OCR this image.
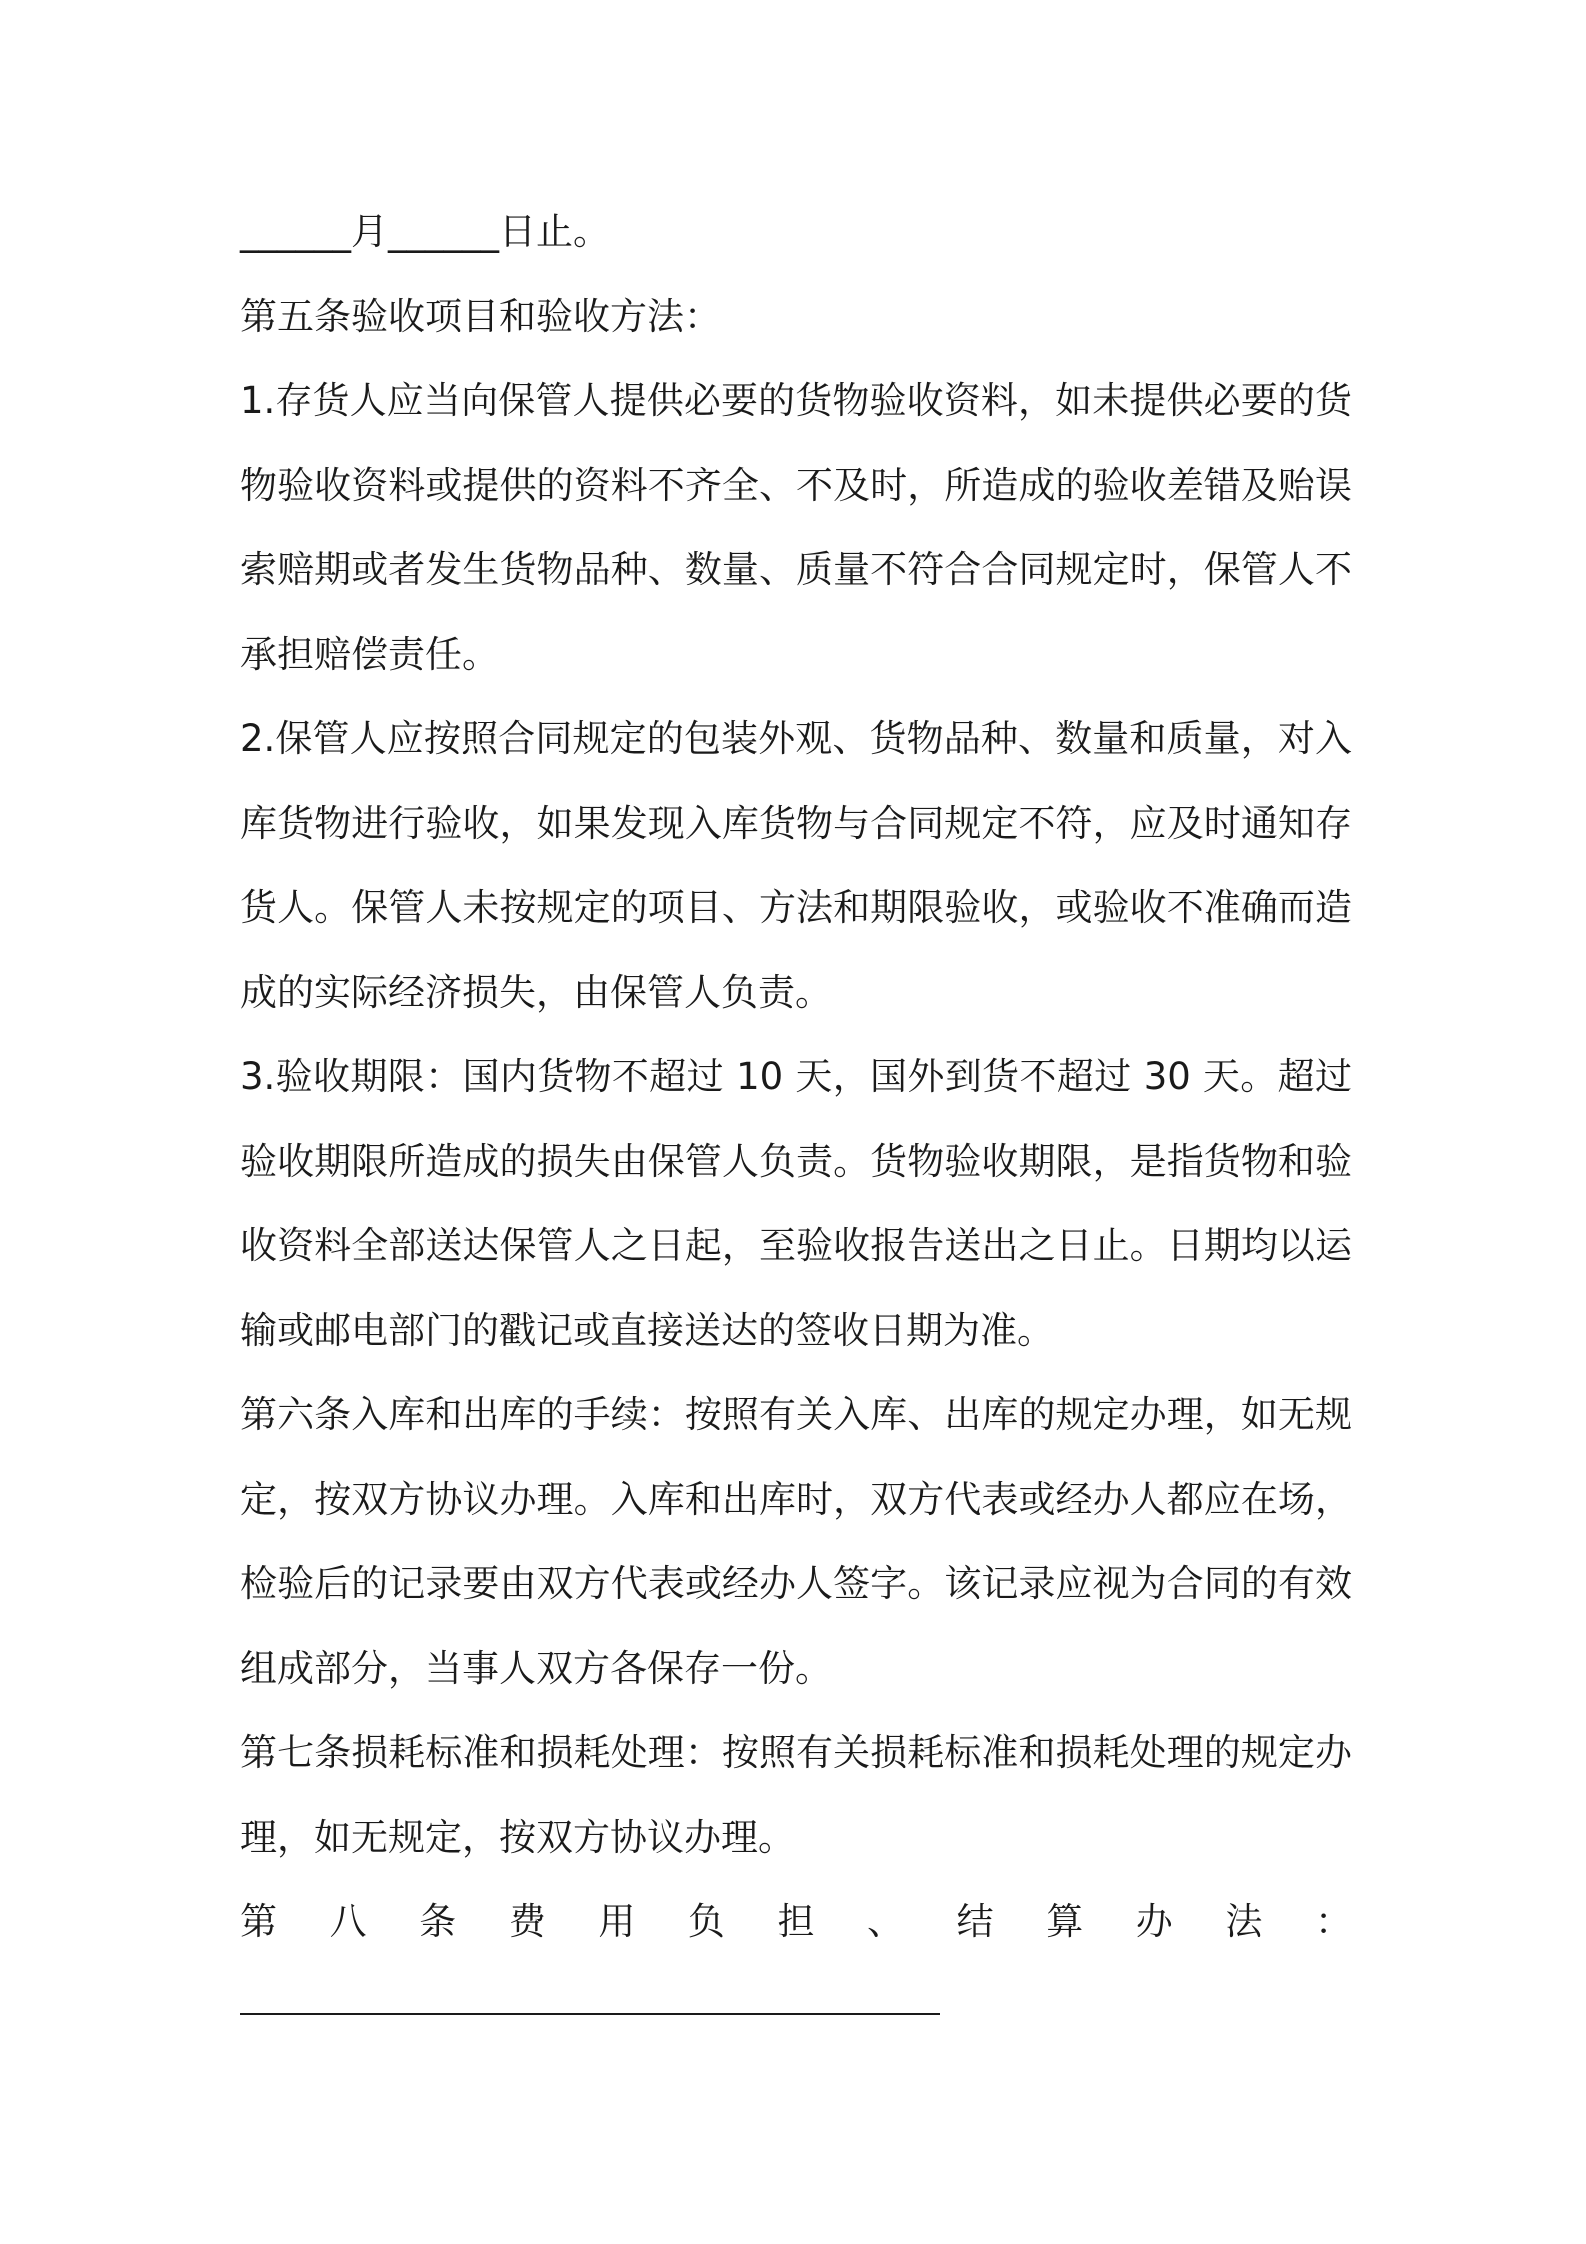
______月______日止。

第五条验收项目和验收方法：

1.存货人应当向保管人提供必要的货物验收资料，如未提供必要的货物验收资料或提供的资料不齐全、不及时，所造成的验收差错及贻误索赔期或者发生货物品种、数量、质量不符合合同规定时，保管人不承担赔偿责任。

2.保管人应按照合同规定的包装外观、货物品种、数量和质量，对入库货物进行验收，如果发现入库货物与合同规定不符，应及时通知存货人。保管人未按规定的项目、方法和期限验收，或验收不准确而造成的实际经济损失，由保管人负责。

3.验收期限：国内货物不超过 10 天，国外到货不超过 30 天。超过验收期限所造成的损失由保管人负责。货物验收期限，是指货物和验收资料全部送达保管人之日起，至验收报告送出之日止。日期均以运输或邮电部门的戳记或直接送达的签收日期为准。

第六条入库和出库的手续：按照有关入库、出库的规定办理，如无规定，按双方协议办理。入库和出库时，双方代表或经办人都应在场，检验后的记录要由双方代表或经办人签字。该记录应视为合同的有效组成部分，当事人双方各保存一份。

第七条损耗标准和损耗处理：按照有关损耗标准和损耗处理的规定办理，如无规定，按双方协议办理。

第 八 条 费 用 负 担 、 结 算 办 法 ：
